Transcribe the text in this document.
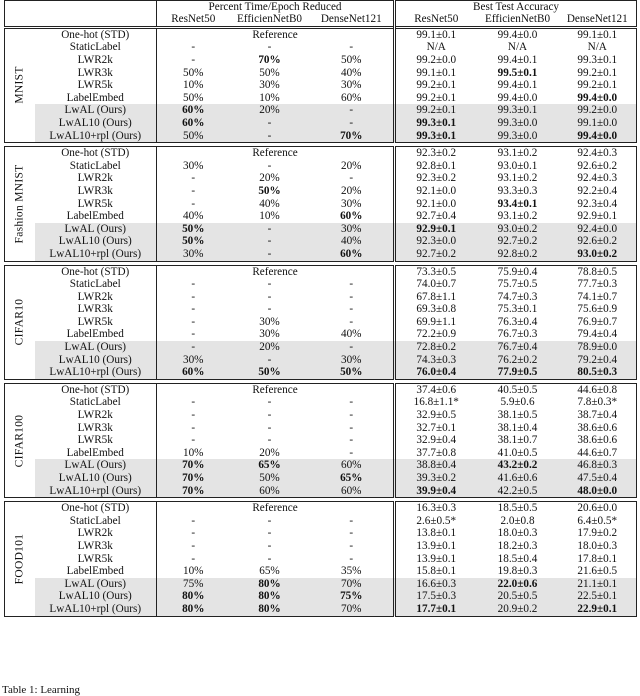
	Percent Time/Epoch Reduced			Best Test Accuracy		
	ResNet50	EfficienNetB0	DenseNet121	ResNet50	EfficienNetB0	DenseNet121
MNIST	One-hot (STD)	Reference			99.1±0.1	99.4±0.0	99.1±0.1
	StaticLabel	-	-	-	N/A	N/A	N/A
	LWR2k	-	70%	50%	99.2±0.0	99.4±0.1	99.3±0.1
	LWR3k	50%	50%	40%	99.1±0.1	99.5±0.1	99.2±0.1
	LWR5k	10%	30%	30%	99.2±0.1	99.4±0.1	99.2±0.1
	LabelEmbed	50%	10%	60%	99.2±0.1	99.4±0.0	99.4±0.0
	LwAL (Ours)	60%	20%	-	99.2±0.1	99.3±0.1	99.2±0.0
	LwAL10 (Ours)	60%	-	-	99.3±0.1	99.3±0.0	99.1±0.0
	LwAL10+rpl (Ours)	50%	-	70%	99.3±0.1	99.3±0.0	99.4±0.0
Fashion MNIST	One-hot (STD)	Reference			92.3±0.2	93.1±0.2	92.4±0.3
	StaticLabel	30%	-	20%	92.8±0.1	93.0±0.1	92.6±0.2
	LWR2k	-	20%	-	92.3±0.2	93.1±0.2	92.4±0.3
	LWR3k	-	50%	20%	92.1±0.0	93.3±0.3	92.2±0.4
	LWR5k	-	40%	30%	92.1±0.0	93.4±0.1	92.3±0.4
	LabelEmbed	40%	10%	60%	92.7±0.4	93.1±0.2	92.9±0.1
	LwAL (Ours)	50%	-	30%	92.9±0.1	93.0±0.2	92.4±0.0
	LwAL10 (Ours)	50%	-	40%	92.3±0.0	92.7±0.2	92.6±0.2
	LwAL10+rpl (Ours)	30%	-	60%	92.7±0.2	92.8±0.2	93.0±0.2
CIFAR10	One-hot (STD)	Reference			73.3±0.5	75.9±0.4	78.8±0.5
	StaticLabel	-	-	-	74.0±0.7	75.7±0.5	77.7±0.3
	LWR2k	-	-	-	67.8±1.1	74.7±0.3	74.1±0.7
	LWR3k	-	-	-	69.3±0.8	75.3±0.1	75.6±0.9
	LWR5k	-	30%	-	69.9±1.1	76.3±0.4	76.9±0.7
	LabelEmbed	-	30%	40%	72.2±0.9	76.7±0.3	79.4±0.4
	LwAL (Ours)	-	20%	-	72.8±0.2	76.7±0.4	78.9±0.0
	LwAL10 (Ours)	30%	-	30%	74.3±0.3	76.2±0.2	79.2±0.4
	LwAL10+rpl (Ours)	60%	50%	50%	76.0±0.4	77.9±0.5	80.5±0.3
CIFAR100	One-hot (STD)	Reference			37.4±0.6	40.5±0.5	44.6±0.8
	StaticLabel	-	-	-	16.8±1.1*	5.9±0.6	7.8±0.3*
	LWR2k	-	-	-	32.9±0.5	38.1±0.5	38.7±0.4
	LWR3k	-	-	-	32.7±0.1	38.1±0.4	38.6±0.6
	LWR5k	-	-	-	32.9±0.4	38.1±0.7	38.6±0.6
	LabelEmbed	10%	20%	-	37.7±0.8	41.0±0.5	44.6±0.7
	LwAL (Ours)	70%	65%	60%	38.8±0.4	43.2±0.2	46.8±0.3
	LwAL10 (Ours)	70%	50%	65%	39.3±0.2	41.6±0.6	47.5±0.4
	LwAL10+rpl (Ours)	70%	60%	60%	39.9±0.4	42.2±0.5	48.0±0.0
FOOD101	One-hot (STD)	Reference			16.3±0.3	18.5±0.5	20.6±0.0
	StaticLabel	-	-	-	2.6±0.5*	2.0±0.8	6.4±0.5*
	LWR2k	-	-	-	13.8±0.1	18.0±0.3	17.9±0.2
	LWR3k	-	-	-	13.9±0.1	18.2±0.3	18.0±0.3
	LWR5k	-	-	-	13.9±0.1	18.5±0.4	17.8±0.1
	LabelEmbed	10%	65%	35%	15.8±0.1	19.8±0.3	21.6±0.5
	LwAL (Ours)	75%	80%	70%	16.6±0.3	22.0±0.6	21.1±0.1
	LwAL10 (Ours)	80%	80%	75%	17.5±0.3	20.5±0.5	22.5±0.1
	LwAL10+rpl (Ours)	80%	80%	70%	17.7±0.1	20.9±0.2	22.9±0.1
Table 1: Learning
